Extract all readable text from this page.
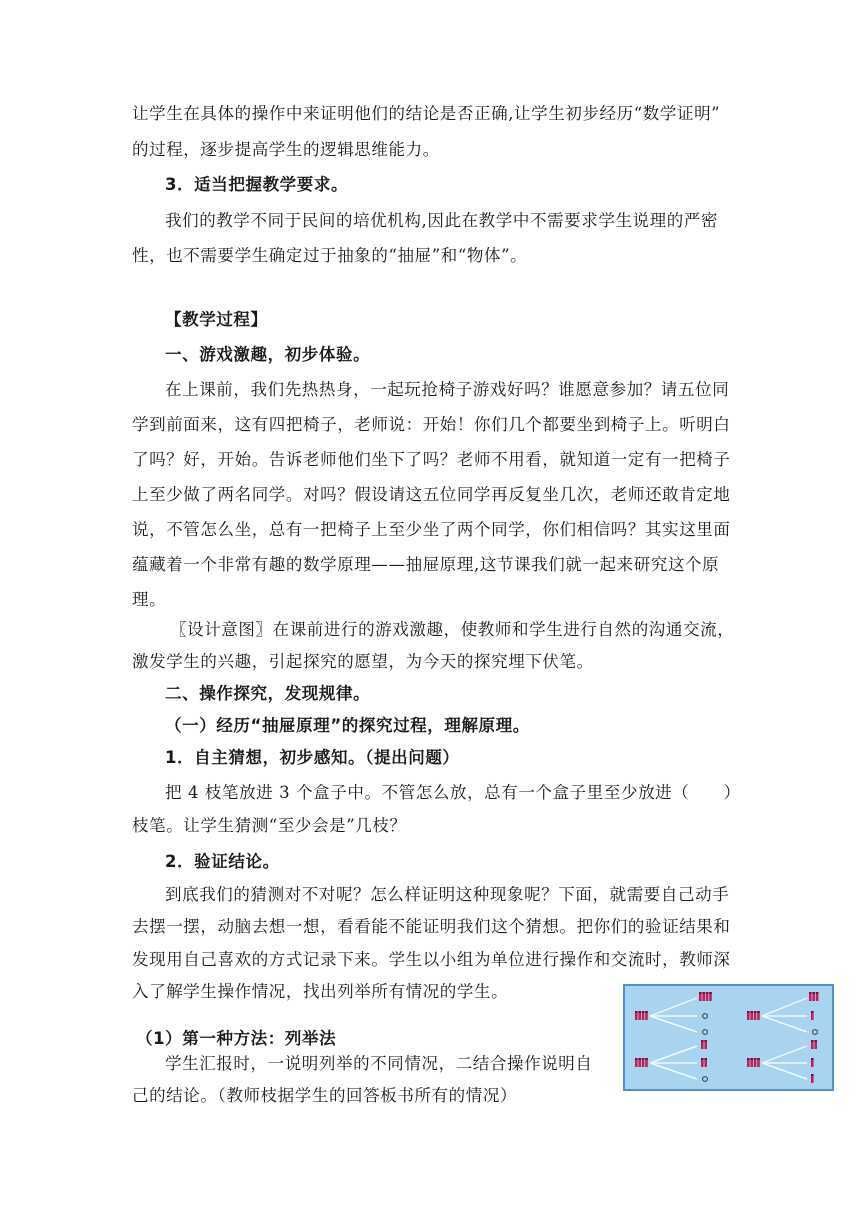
让学生在具体的操作中来证明他们的结论是否正确,让学生初步经历“数学证明”
的过程，逐步提高学生的逻辑思维能力。
3．适当把握教学要求。
我们的教学不同于民间的培优机构,因此在教学中不需要求学生说理的严密
性，也不需要学生确定过于抽象的“抽屉”和“物体”。
【教学过程】
一、游戏激趣，初步体验。
在上课前，我们先热热身，一起玩抢椅子游戏好吗？谁愿意参加？请五位同
学到前面来，这有四把椅子，老师说：开始！你们几个都要坐到椅子上。听明白
了吗？好，开始。告诉老师他们坐下了吗？老师不用看，就知道一定有一把椅子
上至少做了两名同学。对吗？假设请这五位同学再反复坐几次，老师还敢肯定地
说，不管怎么坐，总有一把椅子上至少坐了两个同学，你们相信吗？其实这里面
蕴藏着一个非常有趣的数学原理——抽屉原理,这节课我们就一起来研究这个原
理。
〖设计意图〗在课前进行的游戏激趣，使教师和学生进行自然的沟通交流，
激发学生的兴趣，引起探究的愿望，为今天的探究埋下伏笔。
二、操作探究，发现规律。
（一）经历“抽屉原理”的探究过程，理解原理。
1．自主猜想，初步感知。（提出问题）
把 4 枝笔放进 3 个盒子中。不管怎么放，总有一个盒子里至少放进（　　）
枝笔。让学生猜测“至少会是”几枝？
2．验证结论。
到底我们的猜测对不对呢？怎么样证明这种现象呢？下面，就需要自己动手
去摆一摆，动脑去想一想，看看能不能证明我们这个猜想。把你们的验证结果和
发现用自己喜欢的方式记录下来。学生以小组为单位进行操作和交流时，教师深
入了解学生操作情况，找出列举所有情况的学生。
（1）第一种方法：列举法
学生汇报时，一说明列举的不同情况，二结合操作说明自
己的结论。（教师枝据学生的回答板书所有的情况）
